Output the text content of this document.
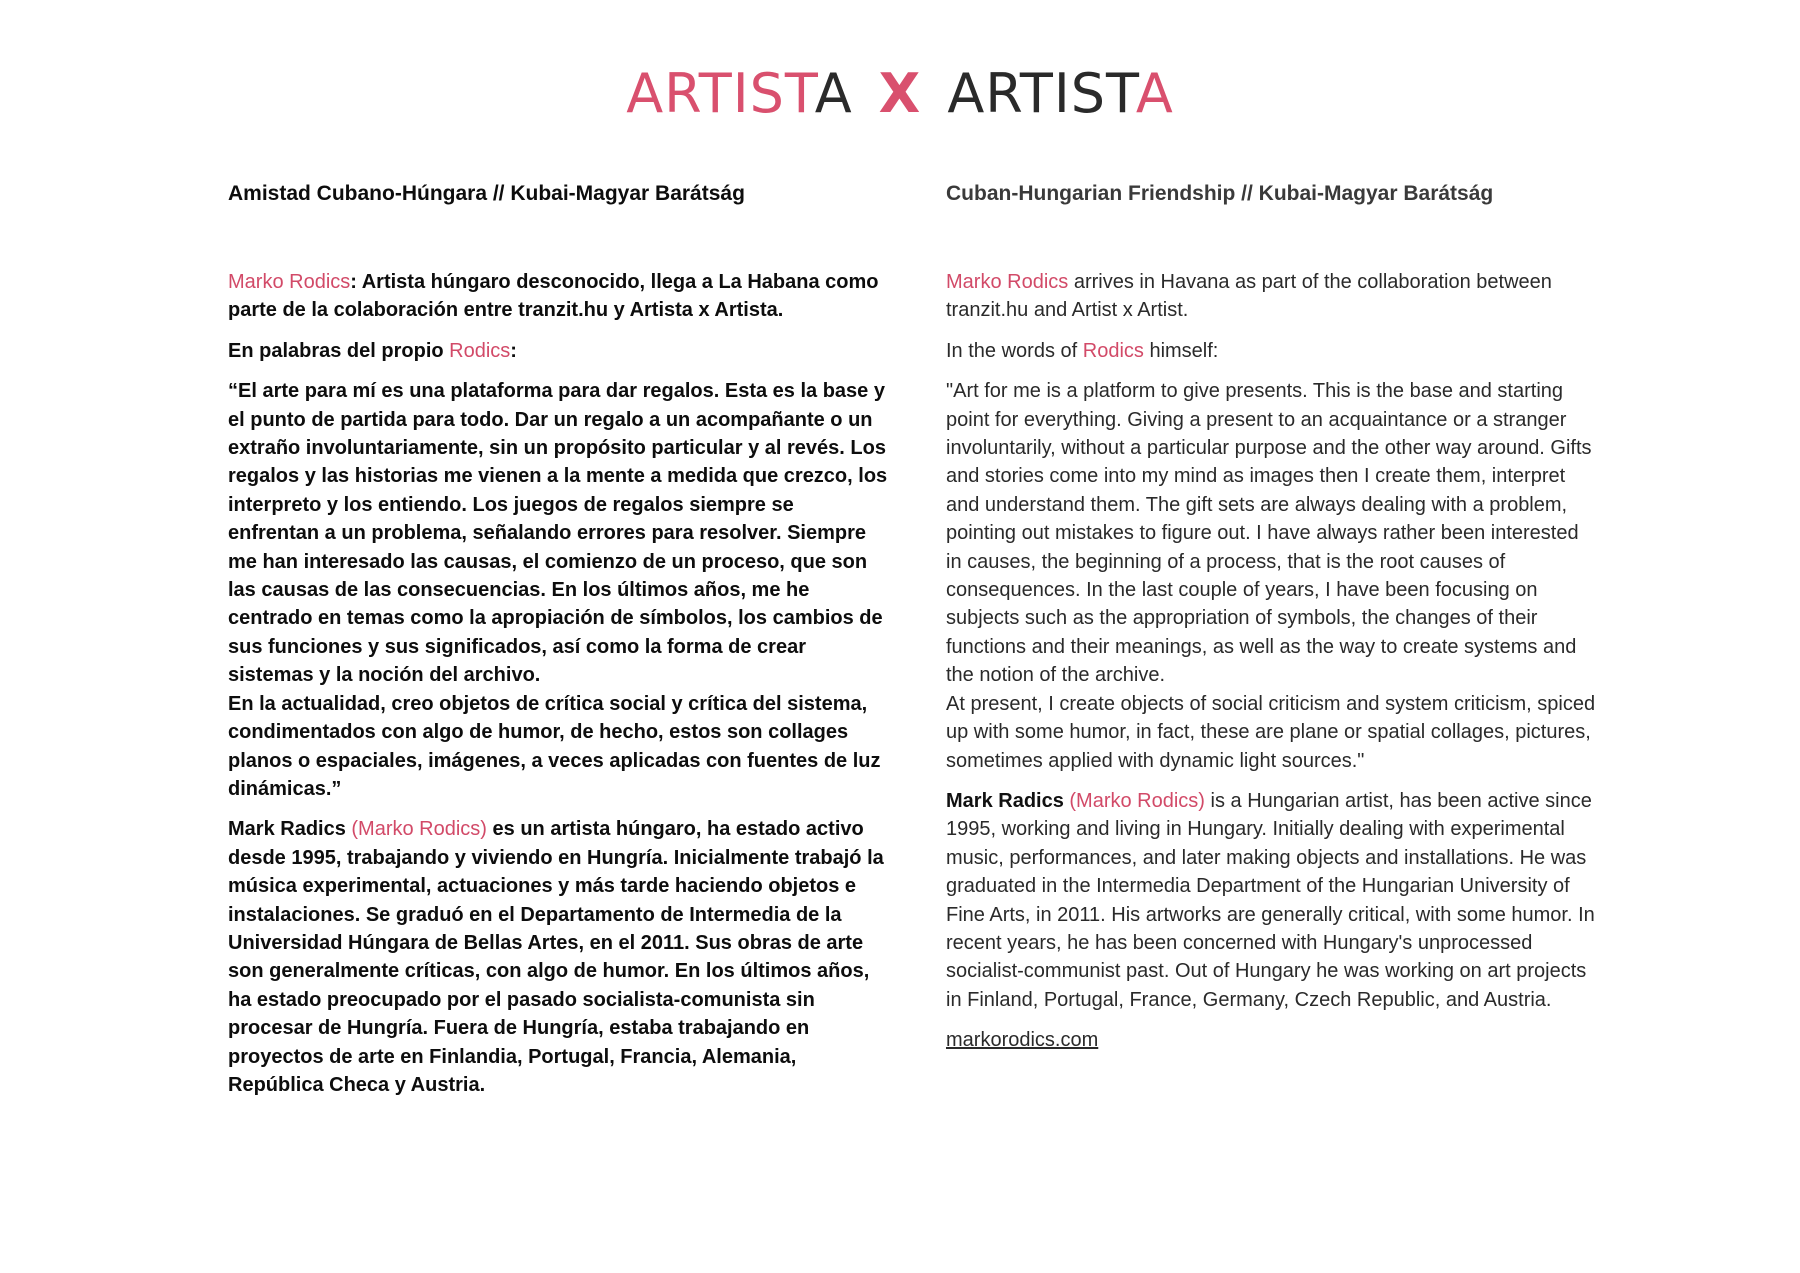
ARTISTA X ARTISTA
Amistad Cubano-Húngara // Kubai-Magyar Barátság

Marko Rodics: Artista húngaro desconocido, llega a La Habana como parte de la colaboración entre tranzit.hu y Artista x Artista.

En palabras del propio Rodics:

“El arte para mí es una plataforma para dar regalos. Esta es la base y el punto de partida para todo. Dar un regalo a un acompañante o un extraño involuntariamente, sin un propósito particular y al revés. Los regalos y las historias me vienen a la mente a medida que crezco, los interpreto y los entiendo. Los juegos de regalos siempre se enfrentan a un problema, señalando errores para resolver. Siempre me han interesado las causas, el comienzo de un proceso, que son las causas de las consecuencias. En los últimos años, me he centrado en temas como la apropiación de símbolos, los cambios de sus funciones y sus significados, así como la forma de crear sistemas y la noción del archivo.
En la actualidad, creo objetos de crítica social y crítica del sistema, condimentados con algo de humor, de hecho, estos son collages planos o espaciales, imágenes, a veces aplicadas con fuentes de luz dinámicas.”

Mark Radics (Marko Rodics) es un artista húngaro, ha estado activo desde 1995, trabajando y viviendo en Hungría. Inicialmente trabajó la música experimental, actuaciones y más tarde haciendo objetos e instalaciones. Se graduó en el Departamento de Intermedia de la Universidad Húngara de Bellas Artes, en el 2011. Sus obras de arte son generalmente críticas, con algo de humor. En los últimos años, ha estado preocupado por el pasado socialista-comunista sin procesar de Hungría. Fuera de Hungría, estaba trabajando en proyectos de arte en Finlandia, Portugal, Francia, Alemania, República Checa y Austria.

Cuban-Hungarian Friendship // Kubai-Magyar Barátság

Marko Rodics arrives in Havana as part of the collaboration between tranzit.hu and Artist x Artist.

In the words of Rodics himself:

"Art for me is a platform to give presents. This is the base and starting point for everything. Giving a present to an acquaintance or a stranger involuntarily, without a particular purpose and the other way around. Gifts and stories come into my mind as images then I create them, interpret and understand them. The gift sets are always dealing with a problem, pointing out mistakes to figure out. I have always rather been interested in causes, the beginning of a process, that is the root causes of consequences. In the last couple of years, I have been focusing on subjects such as the appropriation of symbols, the changes of their functions and their meanings, as well as the way to create systems and the notion of the archive.
At present, I create objects of social criticism and system criticism, spiced up with some humor, in fact, these are plane or spatial collages, pictures, sometimes applied with dynamic light sources."

Mark Radics (Marko Rodics) is a Hungarian artist, has been active since 1995, working and living in Hungary. Initially dealing with experimental music, performances, and later making objects and installations. He was graduated in the Intermedia Department of the Hungarian University of Fine Arts, in 2011. His artworks are generally critical, with some humor. In recent years, he has been concerned with Hungary's unprocessed socialist-communist past. Out of Hungary he was working on art projects in Finland, Portugal, France, Germany, Czech Republic, and Austria.

markorodics.com
